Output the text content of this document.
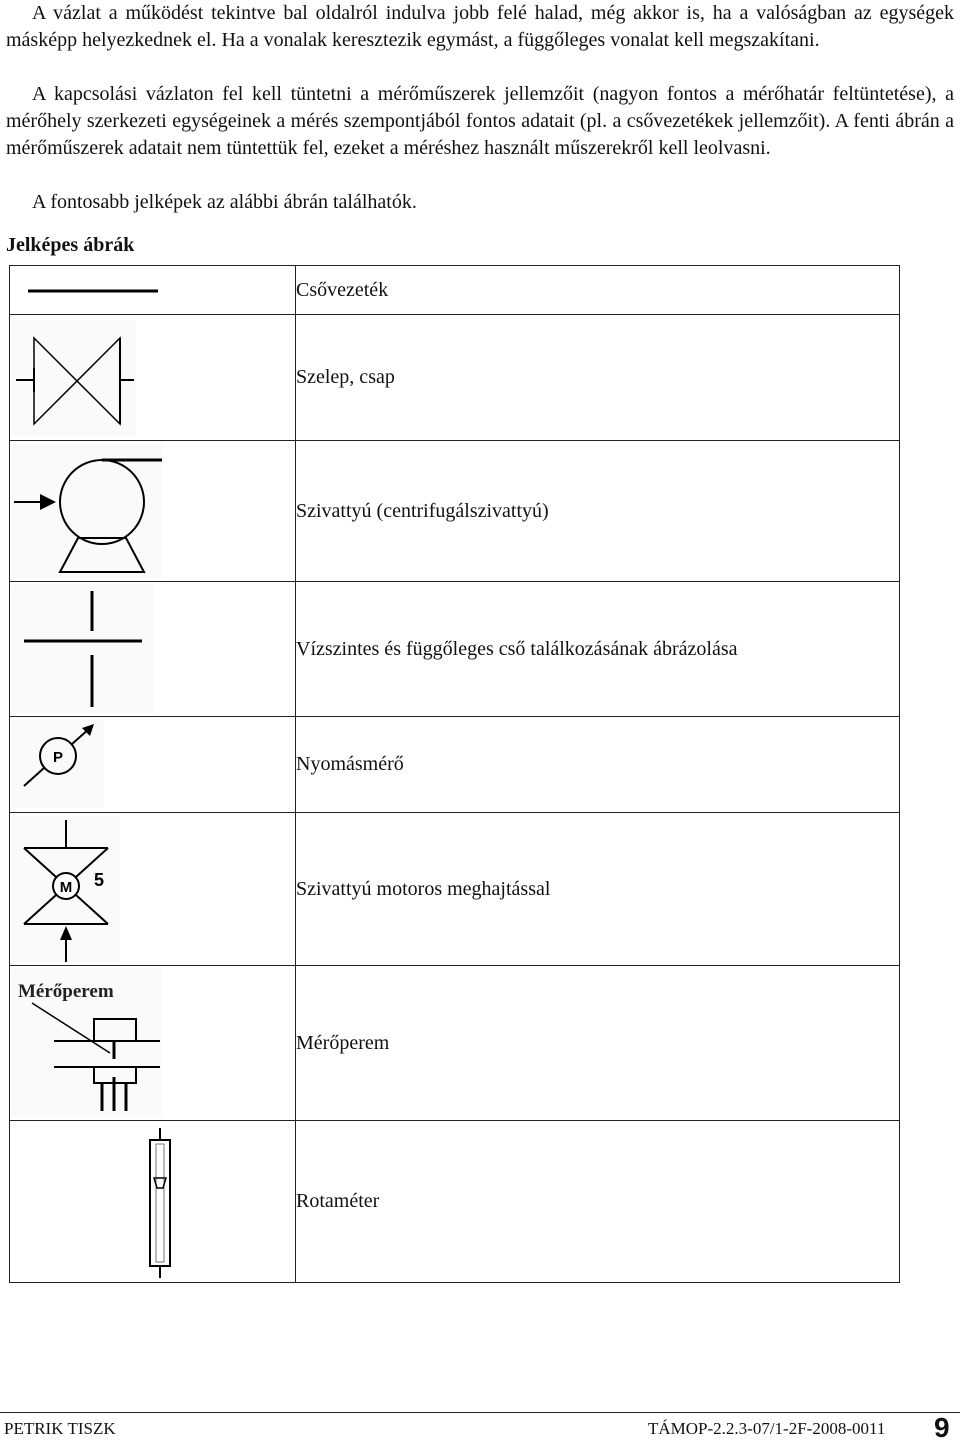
A vázlat a működést tekintve bal oldalról indulva jobb felé halad, még akkor is, ha a valóságban az egységek másképp helyezkednek el. Ha a vonalak keresztezik egymást, a függőleges vonalat kell megszakítani.

A kapcsolási vázlaton fel kell tüntetni a mérőműszerek jellemzőit (nagyon fontos a mérőhatár feltüntetése), a mérőhely szerkezeti egységeinek a mérés szempontjából fontos adatait (pl. a csővezetékek jellemzőit). A fenti ábrán a mérőműszerek adatait nem tüntettük fel, ezeket a méréshez használt műszerekről kell leolvasni.

A fontosabb jelképek az alábbi ábrán találhatók.

Jelképes ábrák
	Csővezeték

	Szelep, csap

	Szivattyú (centrifugálszivattyú)

	Vízszintes és függőleges cső találkozásának ábrázolása

P	Nyomásmérő

M 5	Szivattyú motoros meghajtással

Mérőperem	Mérőperem

	Rotaméter
PETRIK TISZK	TÁMOP-2.2.3-07/1-2F-2008-0011 9
